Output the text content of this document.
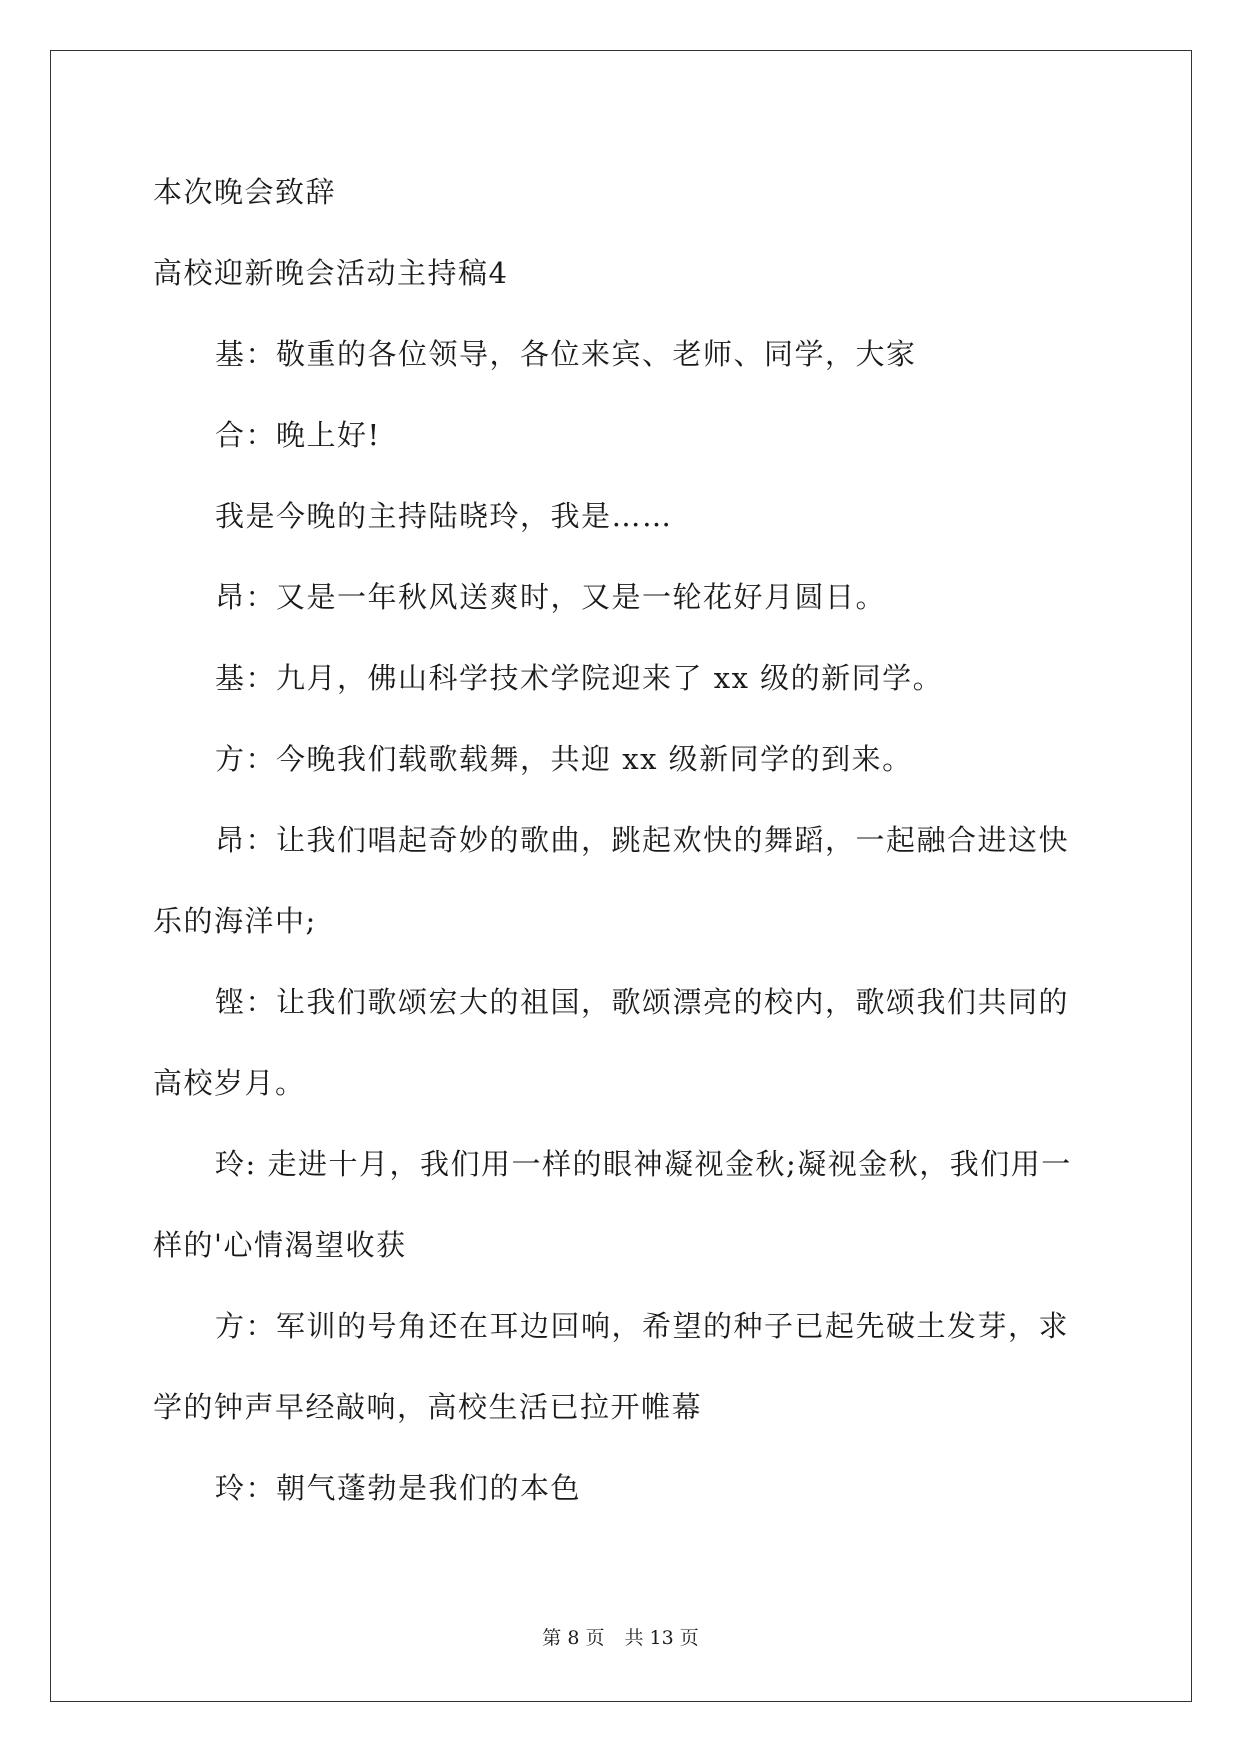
本次晚会致辞
高校迎新晚会活动主持稿4
基：敬重的各位领导，各位来宾、老师、同学，大家
合：晚上好!
我是今晚的主持陆晓玲，我是……
昂：又是一年秋风送爽时，又是一轮花好月圆日。
基：九月，佛山科学技术学院迎来了 xx 级的新同学。
方：今晚我们载歌载舞，共迎 xx 级新同学的到来。
昂：让我们唱起奇妙的歌曲，跳起欢快的舞蹈，一起融合进这快
乐的海洋中;
铿：让我们歌颂宏大的祖国，歌颂漂亮的校内，歌颂我们共同的
高校岁月。
玲: 走进十月，我们用一样的眼神凝视金秋;凝视金秋，我们用一
样的'心情渴望收获
方：军训的号角还在耳边回响，希望的种子已起先破土发芽，求
学的钟声早经敲响，高校生活已拉开帷幕
玲：朝气蓬勃是我们的本色
第 8 页 共 13 页
